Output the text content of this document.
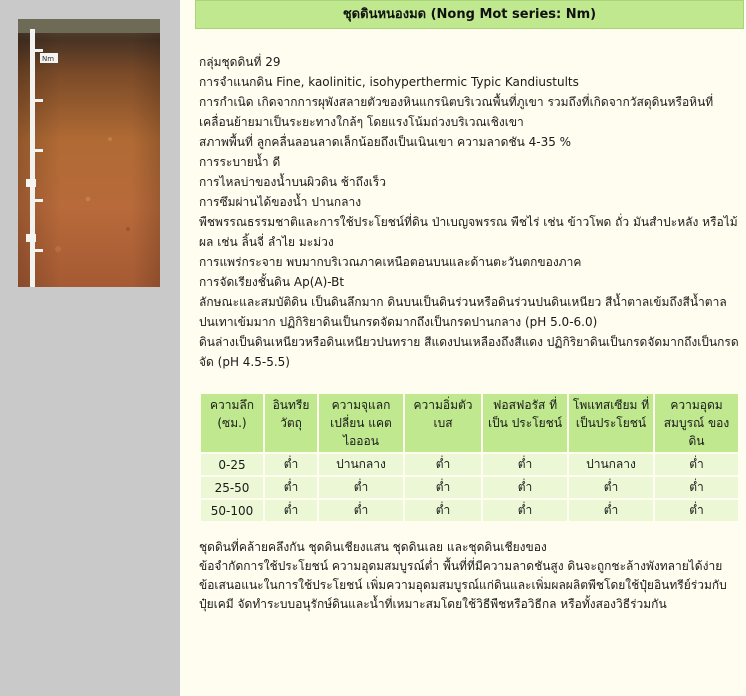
Nm
ชุดดินหนองมด (Nong Mot series: Nm)
กลุ่มชุดดินที่ 29
การจำแนกดิน Fine, kaolinitic, isohyperthermic Typic Kandiustults
การกำเนิด เกิดจากการผุพังสลายตัวของหินแกรนิตบริเวณพื้นที่ภูเขา รวมถึงที่เกิดจากวัสดุดินหรือหินที่เคลื่อนย้ายมาเป็นระยะทางใกล้ๆ โดยแรงโน้มถ่วงบริเวณเชิงเขา
สภาพพื้นที่ ลูกคลื่นลอนลาดเล็กน้อยถึงเป็นเนินเขา ความลาดชัน 4-35 %
การระบายน้ำ ดี
การไหลบ่าของน้ำบนผิวดิน ช้าถึงเร็ว
การซึมผ่านได้ของน้ำ ปานกลาง
พืชพรรณธรรมชาติและการใช้ประโยชน์ที่ดิน ป่าเบญจพรรณ พืชไร่ เช่น ข้าวโพด ถั่ว มันสำปะหลัง หรือไม้ผล เช่น ลิ้นจี่ ลำไย มะม่วง
การแพร่กระจาย พบมากบริเวณภาคเหนือตอนบนและด้านตะวันตกของภาค
การจัดเรียงชั้นดิน Ap(A)-Bt
ลักษณะและสมบัติดิน เป็นดินลึกมาก ดินบนเป็นดินร่วนหรือดินร่วนปนดินเหนียว สีน้ำตาลเข้มถึงสีน้ำตาลปนเทาเข้มมาก ปฏิกิริยาดินเป็นกรดจัดมากถึงเป็นกรดปานกลาง (pH 5.0-6.0)
ดินล่างเป็นดินเหนียวหรือดินเหนียวปนทราย สีแดงปนเหลืองถึงสีแดง ปฏิกิริยาดินเป็นกรดจัดมากถึงเป็นกรดจัด (pH 4.5-5.5)
ความลึก (ซม.)	อินทรีย วัตถุ	ความจุแลกเปลี่ยน แคตไอออน	ความอิ่มตัว เบส	ฟอสฟอรัส ที่เป็น ประโยชน์	โพแทสเซียม ที่เป็นประโยชน์	ความอุดม สมบูรณ์ ของดิน
0-25	ต่ำ	ปานกลาง	ต่ำ	ต่ำ	ปานกลาง	ต่ำ
25-50	ต่ำ	ต่ำ	ต่ำ	ต่ำ	ต่ำ	ต่ำ
50-100	ต่ำ	ต่ำ	ต่ำ	ต่ำ	ต่ำ	ต่ำ
ชุดดินที่คล้ายคลึงกัน ชุดดินเชียงแสน ชุดดินเลย และชุดดินเชียงของ
ข้อจำกัดการใช้ประโยชน์ ความอุดมสมบูรณ์ต่ำ พื้นที่ที่มีความลาดชันสูง ดินจะถูกชะล้างพังทลายได้ง่าย
ข้อเสนอแนะในการใช้ประโยชน์ เพิ่มความอุดมสมบูรณ์แก่ดินและเพิ่มผลผลิตพืชโดยใช้ปุ๋ยอินทรีย์ร่วมกับปุ๋ยเคมี จัดทำระบบอนุรักษ์ดินและน้ำที่เหมาะสมโดยใช้วิธีพืชหรือวิธีกล หรือทั้งสองวิธีร่วมกัน
